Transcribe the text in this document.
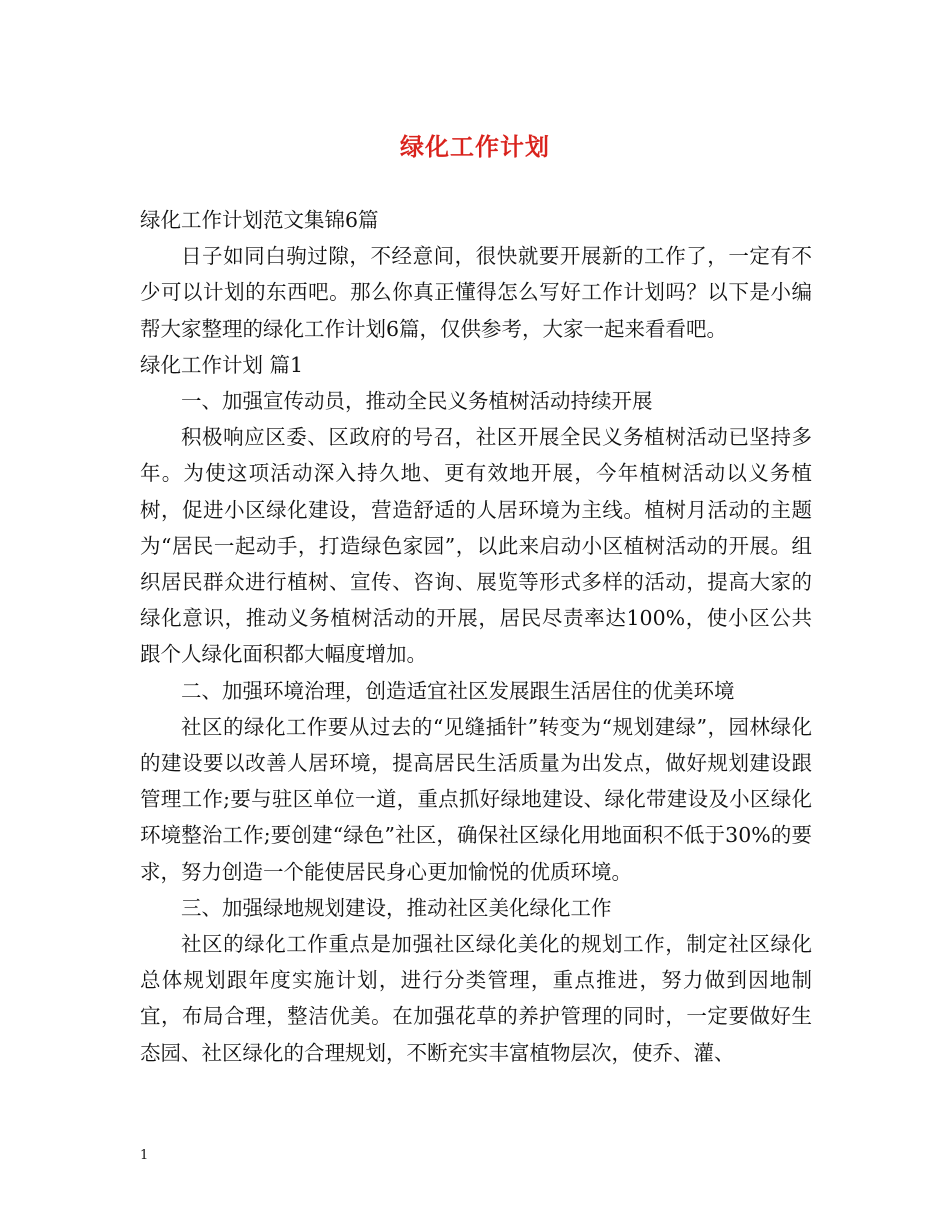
绿化工作计划

绿化工作计划范文集锦6篇

日子如同白驹过隙，不经意间，很快就要开展新的工作了，一定有不少可以计划的东西吧。那么你真正懂得怎么写好工作计划吗？以下是小编帮大家整理的绿化工作计划6篇，仅供参考，大家一起来看看吧。

绿化工作计划 篇1

一、加强宣传动员，推动全民义务植树活动持续开展

积极响应区委、区政府的号召，社区开展全民义务植树活动已坚持多年。为使这项活动深入持久地、更有效地开展，今年植树活动以义务植树，促进小区绿化建设，营造舒适的人居环境为主线。植树月活动的主题为“居民一起动手，打造绿色家园”，以此来启动小区植树活动的开展。组织居民群众进行植树、宣传、咨询、展览等形式多样的活动，提高大家的绿化意识，推动义务植树活动的开展，居民尽责率达100%，使小区公共跟个人绿化面积都大幅度增加。

二、加强环境治理，创造适宜社区发展跟生活居住的优美环境

社区的绿化工作要从过去的“见缝插针”转变为“规划建绿”，园林绿化的建设要以改善人居环境，提高居民生活质量为出发点，做好规划建设跟管理工作;要与驻区单位一道，重点抓好绿地建设、绿化带建设及小区绿化环境整治工作;要创建“绿色”社区，确保社区绿化用地面积不低于30%的要求，努力创造一个能使居民身心更加愉悦的优质环境。

三、加强绿地规划建设，推动社区美化绿化工作

社区的绿化工作重点是加强社区绿化美化的规划工作，制定社区绿化总体规划跟年度实施计划，进行分类管理，重点推进，努力做到因地制宜，布局合理，整洁优美。在加强花草的养护管理的同时，一定要做好生态园、社区绿化的合理规划，不断充实丰富植物层次，使乔、灌、

1
